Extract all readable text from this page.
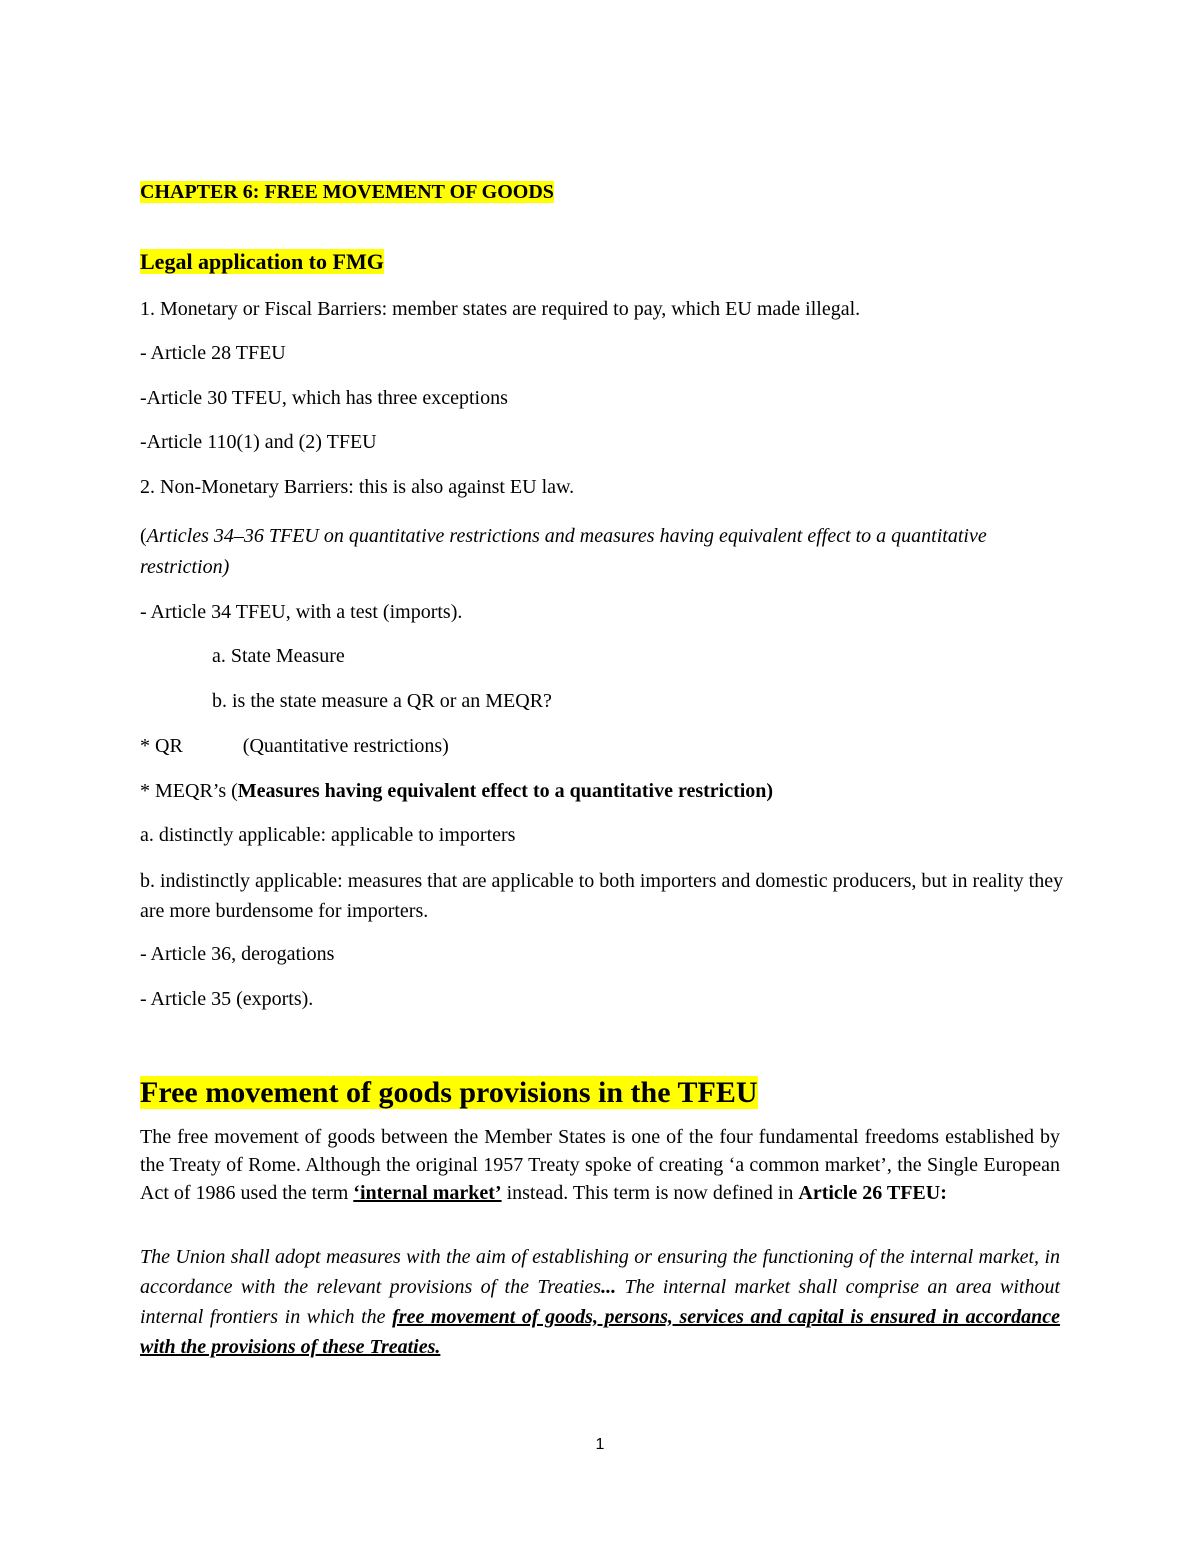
CHAPTER 6: FREE MOVEMENT OF GOODS
Legal application to FMG
1. Monetary or Fiscal Barriers: member states are required to pay, which EU made illegal.
- Article 28 TFEU
-Article 30 TFEU, which has three exceptions
-Article 110(1) and (2) TFEU
2. Non-Monetary Barriers: this is also against EU law.
(Articles 34–36 TFEU on quantitative restrictions and measures having equivalent effect to a quantitative restriction)
- Article 34 TFEU, with a test (imports).
a. State Measure
b. is the state measure a QR or an MEQR?
* QR	(Quantitative restrictions)
* MEQR’s (Measures having equivalent effect to a quantitative restriction)
a. distinctly applicable: applicable to importers
b. indistinctly applicable: measures that are applicable to both importers and domestic producers, but in reality they are more burdensome for importers.
- Article 36, derogations
- Article 35 (exports).
Free movement of goods provisions in the TFEU
The free movement of goods between the Member States is one of the four fundamental freedoms established by the Treaty of Rome. Although the original 1957 Treaty spoke of creating ‘a common market’, the Single European Act of 1986 used the term ‘internal market’ instead. This term is now defined in Article 26 TFEU:
The Union shall adopt measures with the aim of establishing or ensuring the functioning of the internal market, in accordance with the relevant provisions of the Treaties... The internal market shall comprise an area without internal frontiers in which the free movement of goods, persons, services and capital is ensured in accordance with the provisions of these Treaties.
1
